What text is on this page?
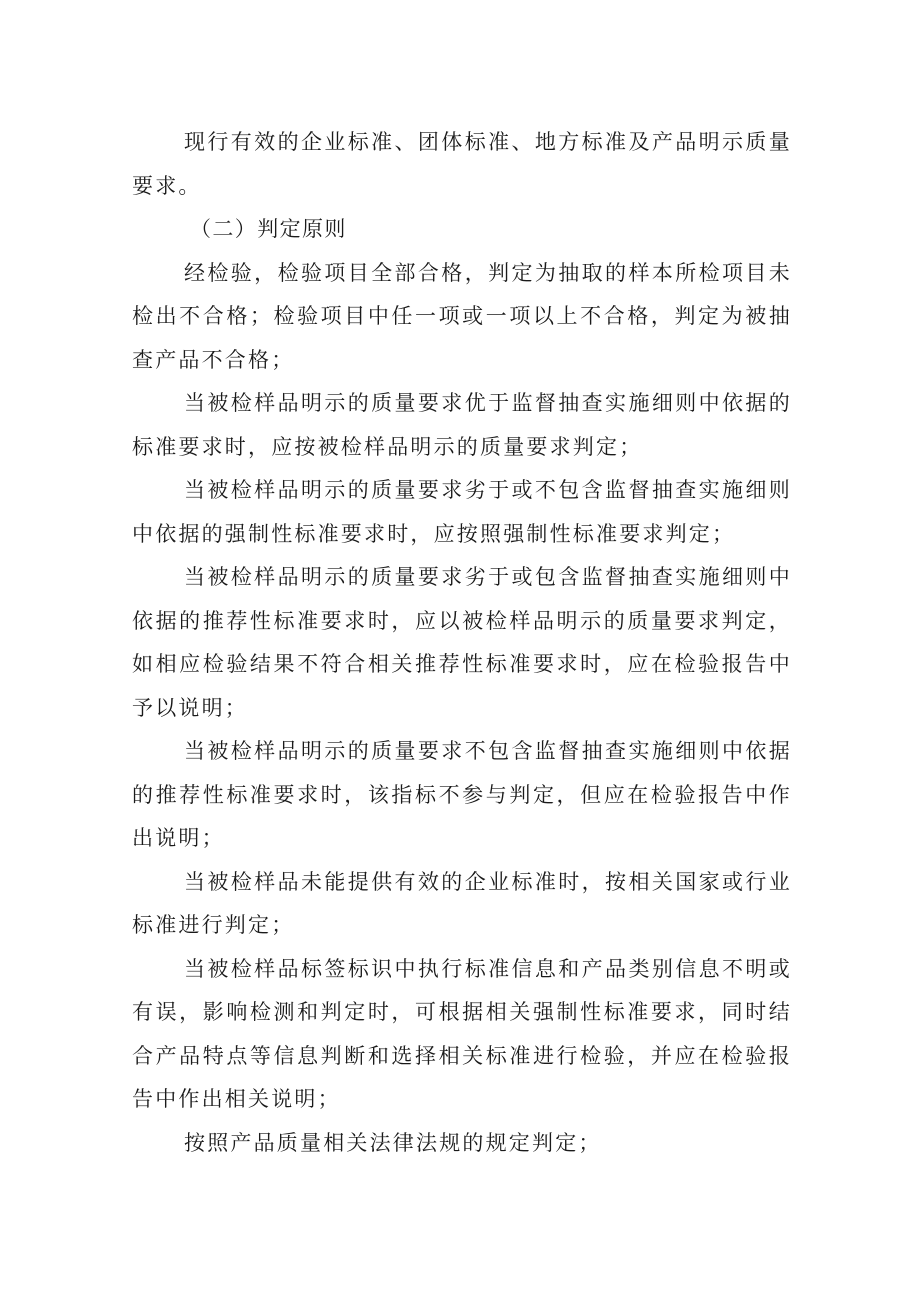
现行有效的企业标准、团体标准、地方标准及产品明示质量要求。

（二）判定原则

经检验，检验项目全部合格，判定为抽取的样本所检项目未检出不合格；检验项目中任一项或一项以上不合格，判定为被抽查产品不合格；

当被检样品明示的质量要求优于监督抽查实施细则中依据的标准要求时，应按被检样品明示的质量要求判定；

当被检样品明示的质量要求劣于或不包含监督抽查实施细则中依据的强制性标准要求时，应按照强制性标准要求判定；

当被检样品明示的质量要求劣于或包含监督抽查实施细则中依据的推荐性标准要求时，应以被检样品明示的质量要求判定，如相应检验结果不符合相关推荐性标准要求时，应在检验报告中予以说明；

当被检样品明示的质量要求不包含监督抽查实施细则中依据的推荐性标准要求时，该指标不参与判定，但应在检验报告中作出说明；

当被检样品未能提供有效的企业标准时，按相关国家或行业标准进行判定；

当被检样品标签标识中执行标准信息和产品类别信息不明或有误，影响检测和判定时，可根据相关强制性标准要求，同时结合产品特点等信息判断和选择相关标准进行检验，并应在检验报告中作出相关说明；

按照产品质量相关法律法规的规定判定；
